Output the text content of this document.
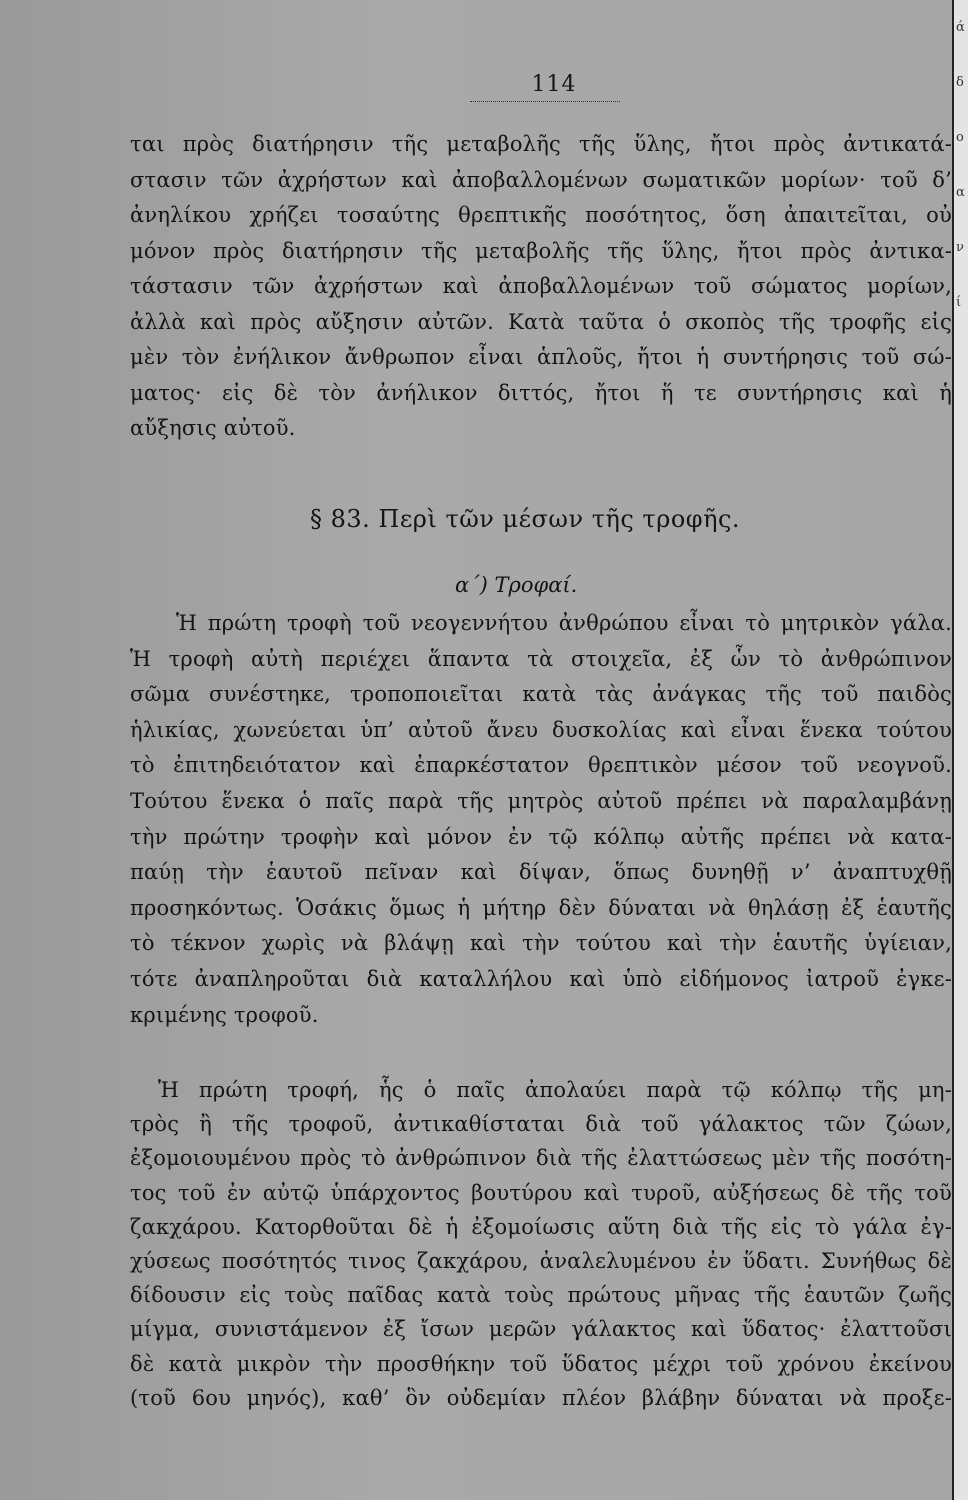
114
ται πρὸς διατήρησιν τῆς μεταβολῆς τῆς ὕλης, ἤτοι πρὸς ἀντικατά-
στασιν τῶν ἀχρήστων καὶ ἀποβαλλομένων σωματικῶν μορίων· τοῦ δ’
ἀνηλίκου χρήζει τοσαύτης θρεπτικῆς ποσότητος, ὅση ἀπαιτεῖται, οὐ
μόνον πρὸς διατήρησιν τῆς μεταβολῆς τῆς ὕλης, ἤτοι πρὸς ἀντικα-
τάστασιν τῶν ἀχρήστων καὶ ἀποβαλλομένων τοῦ σώματος μορίων,
ἀλλὰ καὶ πρὸς αὔξησιν αὐτῶν. Κατὰ ταῦτα ὁ σκοπὸς τῆς τροφῆς εἰς
μὲν τὸν ἐνήλικον ἄνθρωπον εἶναι ἁπλοῦς, ἤτοι ἡ συντήρησις τοῦ σώ-
ματος· εἰς δὲ τὸν ἀνήλικον διττός, ἤτοι ἥ τε συντήρησις καὶ ἡ
αὔξησις αὐτοῦ.
§ 83. Περὶ τῶν μέσων τῆς τροφῆς.
α΄) Τροφαί.
Ἡ πρώτη τροφὴ τοῦ νεογεννήτου ἀνθρώπου εἶναι τὸ μητρικὸν γάλα.
Ἡ τροφὴ αὐτὴ περιέχει ἅπαντα τὰ στοιχεῖα, ἐξ ὧν τὸ ἀνθρώπινον
σῶμα συνέστηκε, τροποποιεῖται κατὰ τὰς ἀνάγκας τῆς τοῦ παιδὸς
ἡλικίας, χωνεύεται ὑπ’ αὐτοῦ ἄνευ δυσκολίας καὶ εἶναι ἕνεκα τούτου
τὸ ἐπιτηδειότατον καὶ ἐπαρκέστατον θρεπτικὸν μέσον τοῦ νεογνοῦ.
Τούτου ἕνεκα ὁ παῖς παρὰ τῆς μητρὸς αὐτοῦ πρέπει νὰ παραλαμβάνῃ
τὴν πρώτην τροφὴν καὶ μόνον ἐν τῷ κόλπῳ αὐτῆς πρέπει νὰ κατα-
παύῃ τὴν ἑαυτοῦ πεῖναν καὶ δίψαν, ὅπως δυνηθῇ ν’ ἀναπτυχθῇ
προσηκόντως. Ὁσάκις ὅμως ἡ μήτηρ δὲν δύναται νὰ θηλάσῃ ἐξ ἑαυτῆς
τὸ τέκνον χωρὶς νὰ βλάψῃ καὶ τὴν τούτου καὶ τὴν ἑαυτῆς ὑγίειαν,
τότε ἀναπληροῦται διὰ καταλλήλου καὶ ὑπὸ εἰδήμονος ἰατροῦ ἐγκε-
κριμένης τροφοῦ.
Ἡ πρώτη τροφή, ἧς ὁ παῖς ἀπολαύει παρὰ τῷ κόλπῳ τῆς μη-
τρὸς ἢ τῆς τροφοῦ, ἀντικαθίσταται διὰ τοῦ γάλακτος τῶν ζώων,
ἐξομοιουμένου πρὸς τὸ ἀνθρώπινον διὰ τῆς ἐλαττώσεως μὲν τῆς ποσότη-
τος τοῦ ἐν αὐτῷ ὑπάρχοντος βουτύρου καὶ τυροῦ, αὐξήσεως δὲ τῆς τοῦ
ζακχάρου. Κατορθοῦται δὲ ἡ ἐξομοίωσις αὕτη διὰ τῆς εἰς τὸ γάλα ἐγ-
χύσεως ποσότητός τινος ζακχάρου, ἀναλελυμένου ἐν ὕδατι. Συνήθως δὲ
δίδουσιν εἰς τοὺς παῖδας κατὰ τοὺς πρώτους μῆνας τῆς ἑαυτῶν ζωῆς
μίγμα, συνιστάμενον ἐξ ἴσων μερῶν γάλακτος καὶ ὕδατος· ἐλαττοῦσι
δὲ κατὰ μικρὸν τὴν προσθήκην τοῦ ὕδατος μέχρι τοῦ χρόνου ἐκείνου
(τοῦ 6ου μηνός), καθ’ ὃν οὐδεμίαν πλέον βλάβην δύναται νὰ προξε-
ά
δ
ο
α
ν
ί
